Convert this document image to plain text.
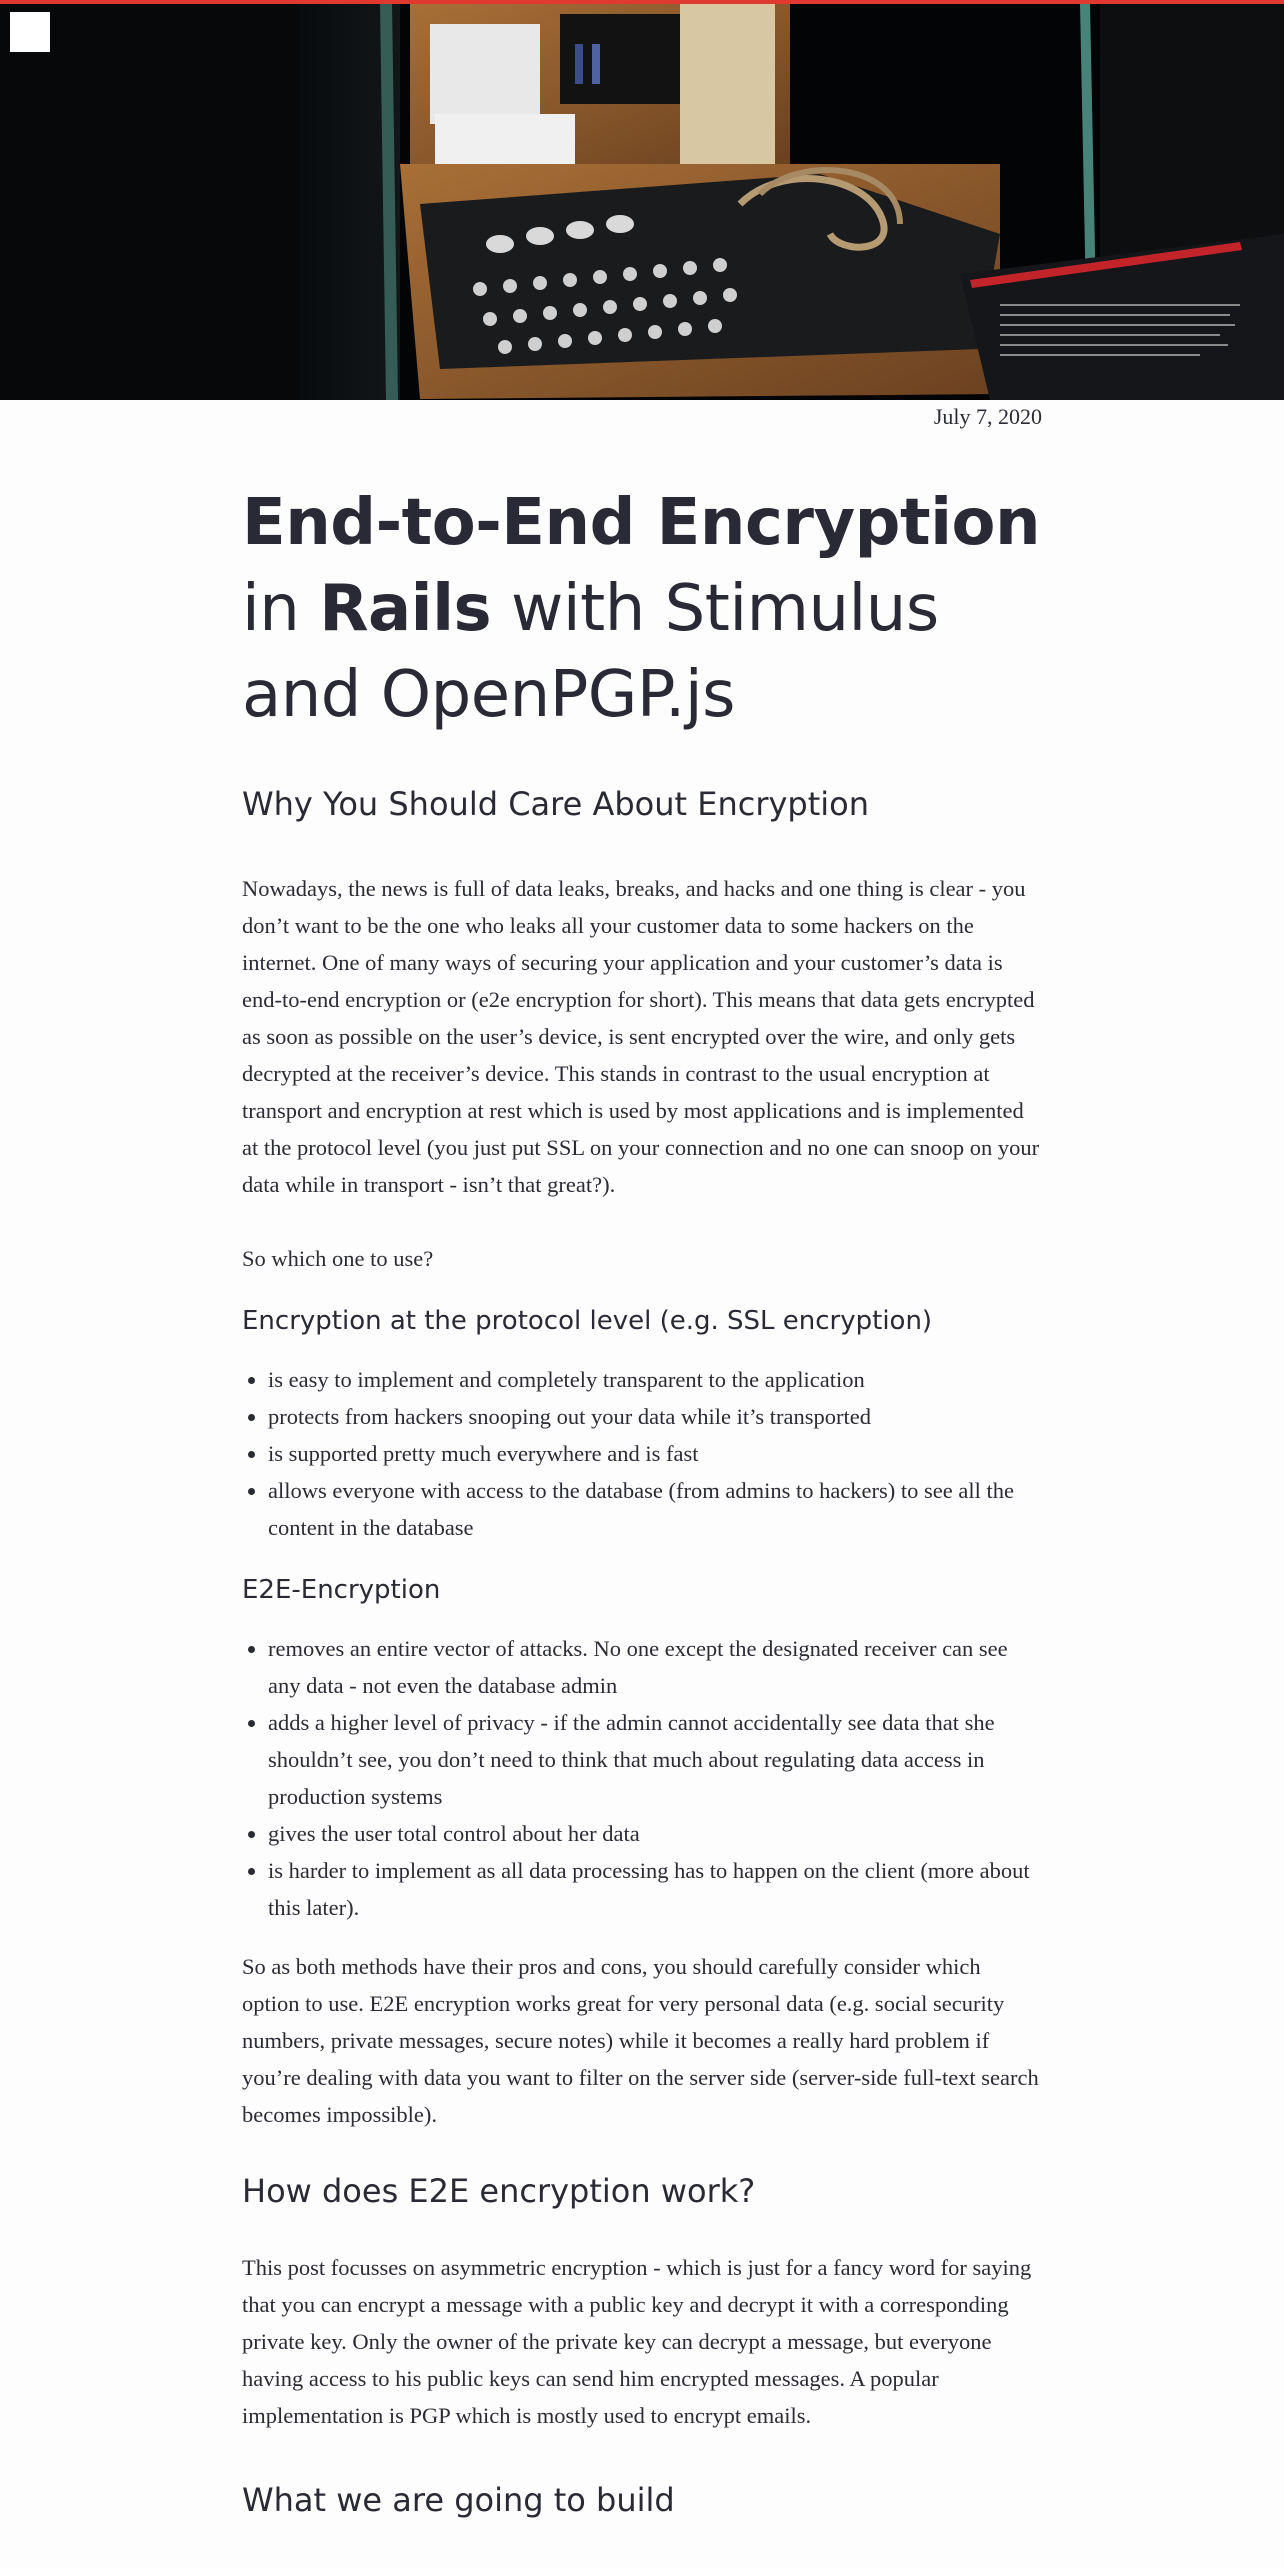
July 7, 2020
End-to-End Encryption
in Rails with Stimulus and OpenPGP.js
Why You Should Care About Encryption

Nowadays, the news is full of data leaks, breaks, and hacks and one thing is clear - you don’t want to be the one who leaks all your customer data to some hackers on the internet. One of many ways of securing your application and your customer’s data is end-to-end encryption or (e2e encryption for short). This means that data gets encrypted as soon as possible on the user’s device, is sent encrypted over the wire, and only gets decrypted at the receiver’s device. This stands in contrast to the usual encryption at transport and encryption at rest which is used by most applications and is implemented at the protocol level (you just put SSL on your connection and no one can snoop on your data while in transport - isn’t that great?).

So which one to use?

Encryption at the protocol level (e.g. SSL encryption)
• is easy to implement and completely transparent to the application
• protects from hackers snooping out your data while it’s transported
• is supported pretty much everywhere and is fast
• allows everyone with access to the database (from admins to hackers) to see all the content in the database
E2E-Encryption
• removes an entire vector of attacks. No one except the designated receiver can see any data - not even the database admin
• adds a higher level of privacy - if the admin cannot accidentally see data that she shouldn’t see, you don’t need to think that much about regulating data access in production systems
• gives the user total control about her data
• is harder to implement as all data processing has to happen on the client (more about this later).

So as both methods have their pros and cons, you should carefully consider which option to use. E2E encryption works great for very personal data (e.g. social security numbers, private messages, secure notes) while it becomes a really hard problem if you’re dealing with data you want to filter on the server side (server-side full-text search becomes impossible).

How does E2E encryption work?

This post focusses on asymmetric encryption - which is just for a fancy word for saying that you can encrypt a message with a public key and decrypt it with a corresponding private key. Only the owner of the private key can decrypt a message, but everyone having access to his public keys can send him encrypted messages. A popular implementation is PGP which is mostly used to encrypt emails.

What we are going to build
